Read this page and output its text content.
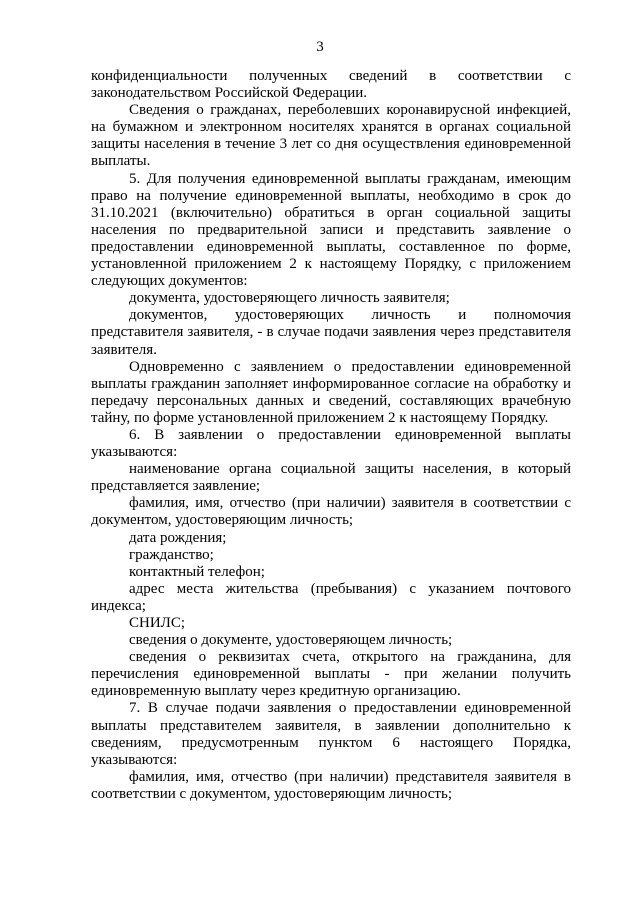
3

конфиденциальности полученных сведений в соответствии с законодательством Российской Федерации.

Сведения о гражданах, переболевших коронавирусной инфекцией, на бумажном и электронном носителях хранятся в органах социальной защиты населения в течение 3 лет со дня осуществления единовременной выплаты.

5. Для получения единовременной выплаты гражданам, имеющим право на получение единовременной выплаты, необходимо в срок до 31.10.2021 (включительно) обратиться в орган социальной защиты населения по предварительной записи и представить заявление о предоставлении единовременной выплаты, составленное по форме, установленной приложением 2 к настоящему Порядку, с приложением следующих документов:

документа, удостоверяющего личность заявителя;

документов, удостоверяющих личность и полномочия представителя заявителя, - в случае подачи заявления через представителя заявителя.

Одновременно с заявлением о предоставлении единовременной выплаты гражданин заполняет информированное согласие на обработку и передачу персональных данных и сведений, составляющих врачебную тайну, по форме установленной приложением 2 к настоящему Порядку.

6. В заявлении о предоставлении единовременной выплаты указываются:

наименование органа социальной защиты населения, в который представляется заявление;

фамилия, имя, отчество (при наличии) заявителя в соответствии с документом, удостоверяющим личность;

дата рождения;

гражданство;

контактный телефон;

адрес места жительства (пребывания) с указанием почтового индекса;

СНИЛС;

сведения о документе, удостоверяющем личность;

сведения о реквизитах счета, открытого на гражданина, для перечисления единовременной выплаты - при желании получить единовременную выплату через кредитную организацию.

7. В случае подачи заявления о предоставлении единовременной выплаты представителем заявителя, в заявлении дополнительно к сведениям, предусмотренным пунктом 6 настоящего Порядка, указываются:

фамилия, имя, отчество (при наличии) представителя заявителя в соответствии с документом, удостоверяющим личность;
